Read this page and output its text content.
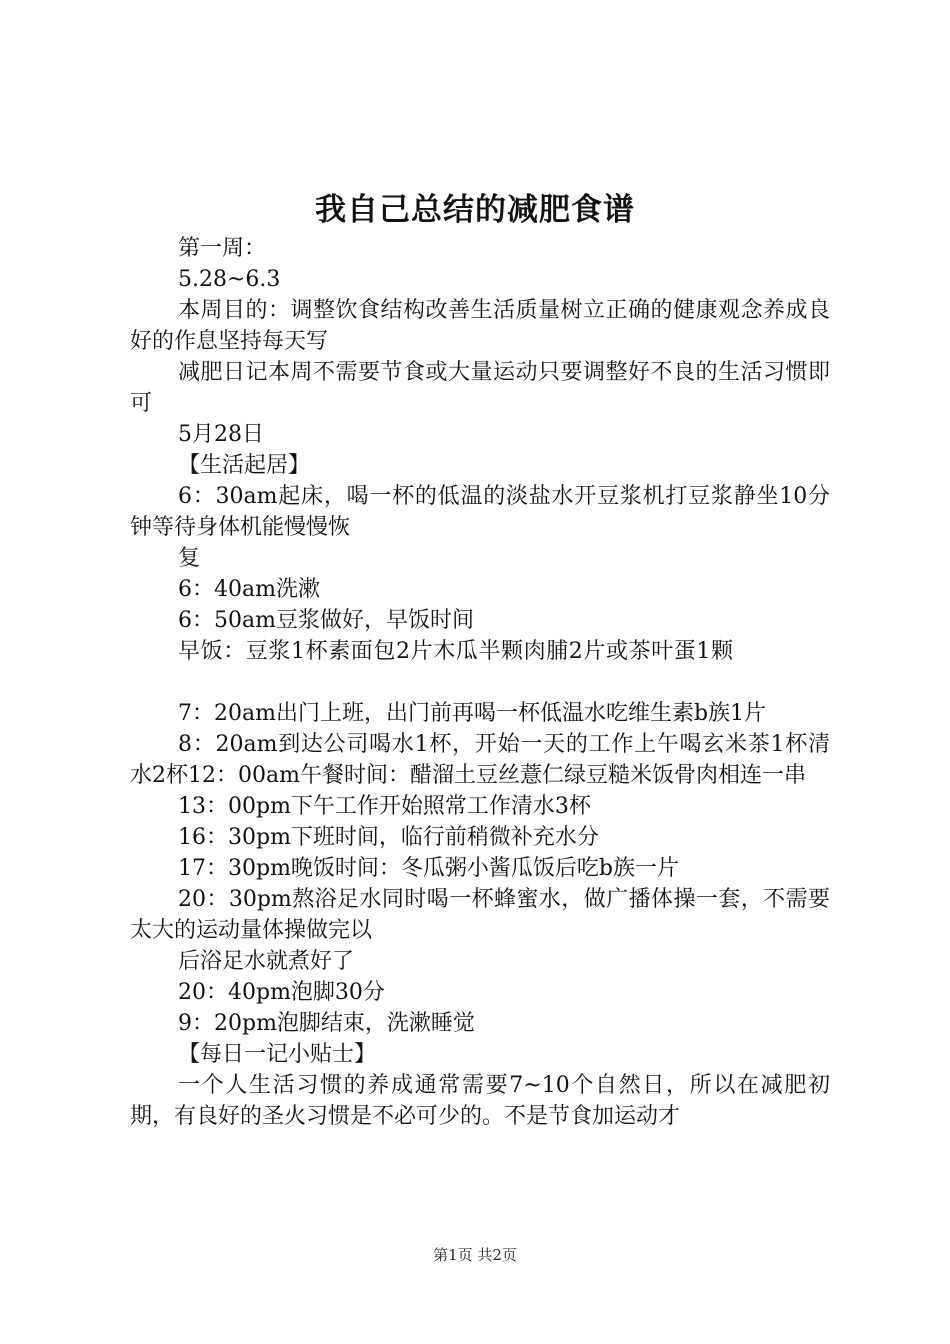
我自己总结的减肥食谱

第一周：

5.28~6.3

本周目的：调整饮食结构改善生活质量树立正确的健康观念养成良好的作息坚持每天写

减肥日记本周不需要节食或大量运动只要调整好不良的生活习惯即可

5月28日

【生活起居】

6：30am起床，喝一杯的低温的淡盐水开豆浆机打豆浆静坐10分钟等待身体机能慢慢恢

复

6：40am洗漱

6：50am豆浆做好，早饭时间

早饭：豆浆1杯素面包2片木瓜半颗肉脯2片或茶叶蛋1颗

7：20am出门上班，出门前再喝一杯低温水吃维生素b族1片

8：20am到达公司喝水1杯，开始一天的工作上午喝玄米茶1杯清水2杯12：00am午餐时间：醋溜土豆丝薏仁绿豆糙米饭骨肉相连一串

13：00pm下午工作开始照常工作清水3杯

16：30pm下班时间，临行前稍微补充水分

17：30pm晚饭时间：冬瓜粥小酱瓜饭后吃b族一片

20：30pm熬浴足水同时喝一杯蜂蜜水，做广播体操一套，不需要太大的运动量体操做完以

后浴足水就煮好了

20：40pm泡脚30分

9：20pm泡脚结束，洗漱睡觉

【每日一记小贴士】

一个人生活习惯的养成通常需要7~10个自然日，所以在减肥初期，有良好的圣火习惯是不必可少的。不是节食加运动才

第1页 共2页
